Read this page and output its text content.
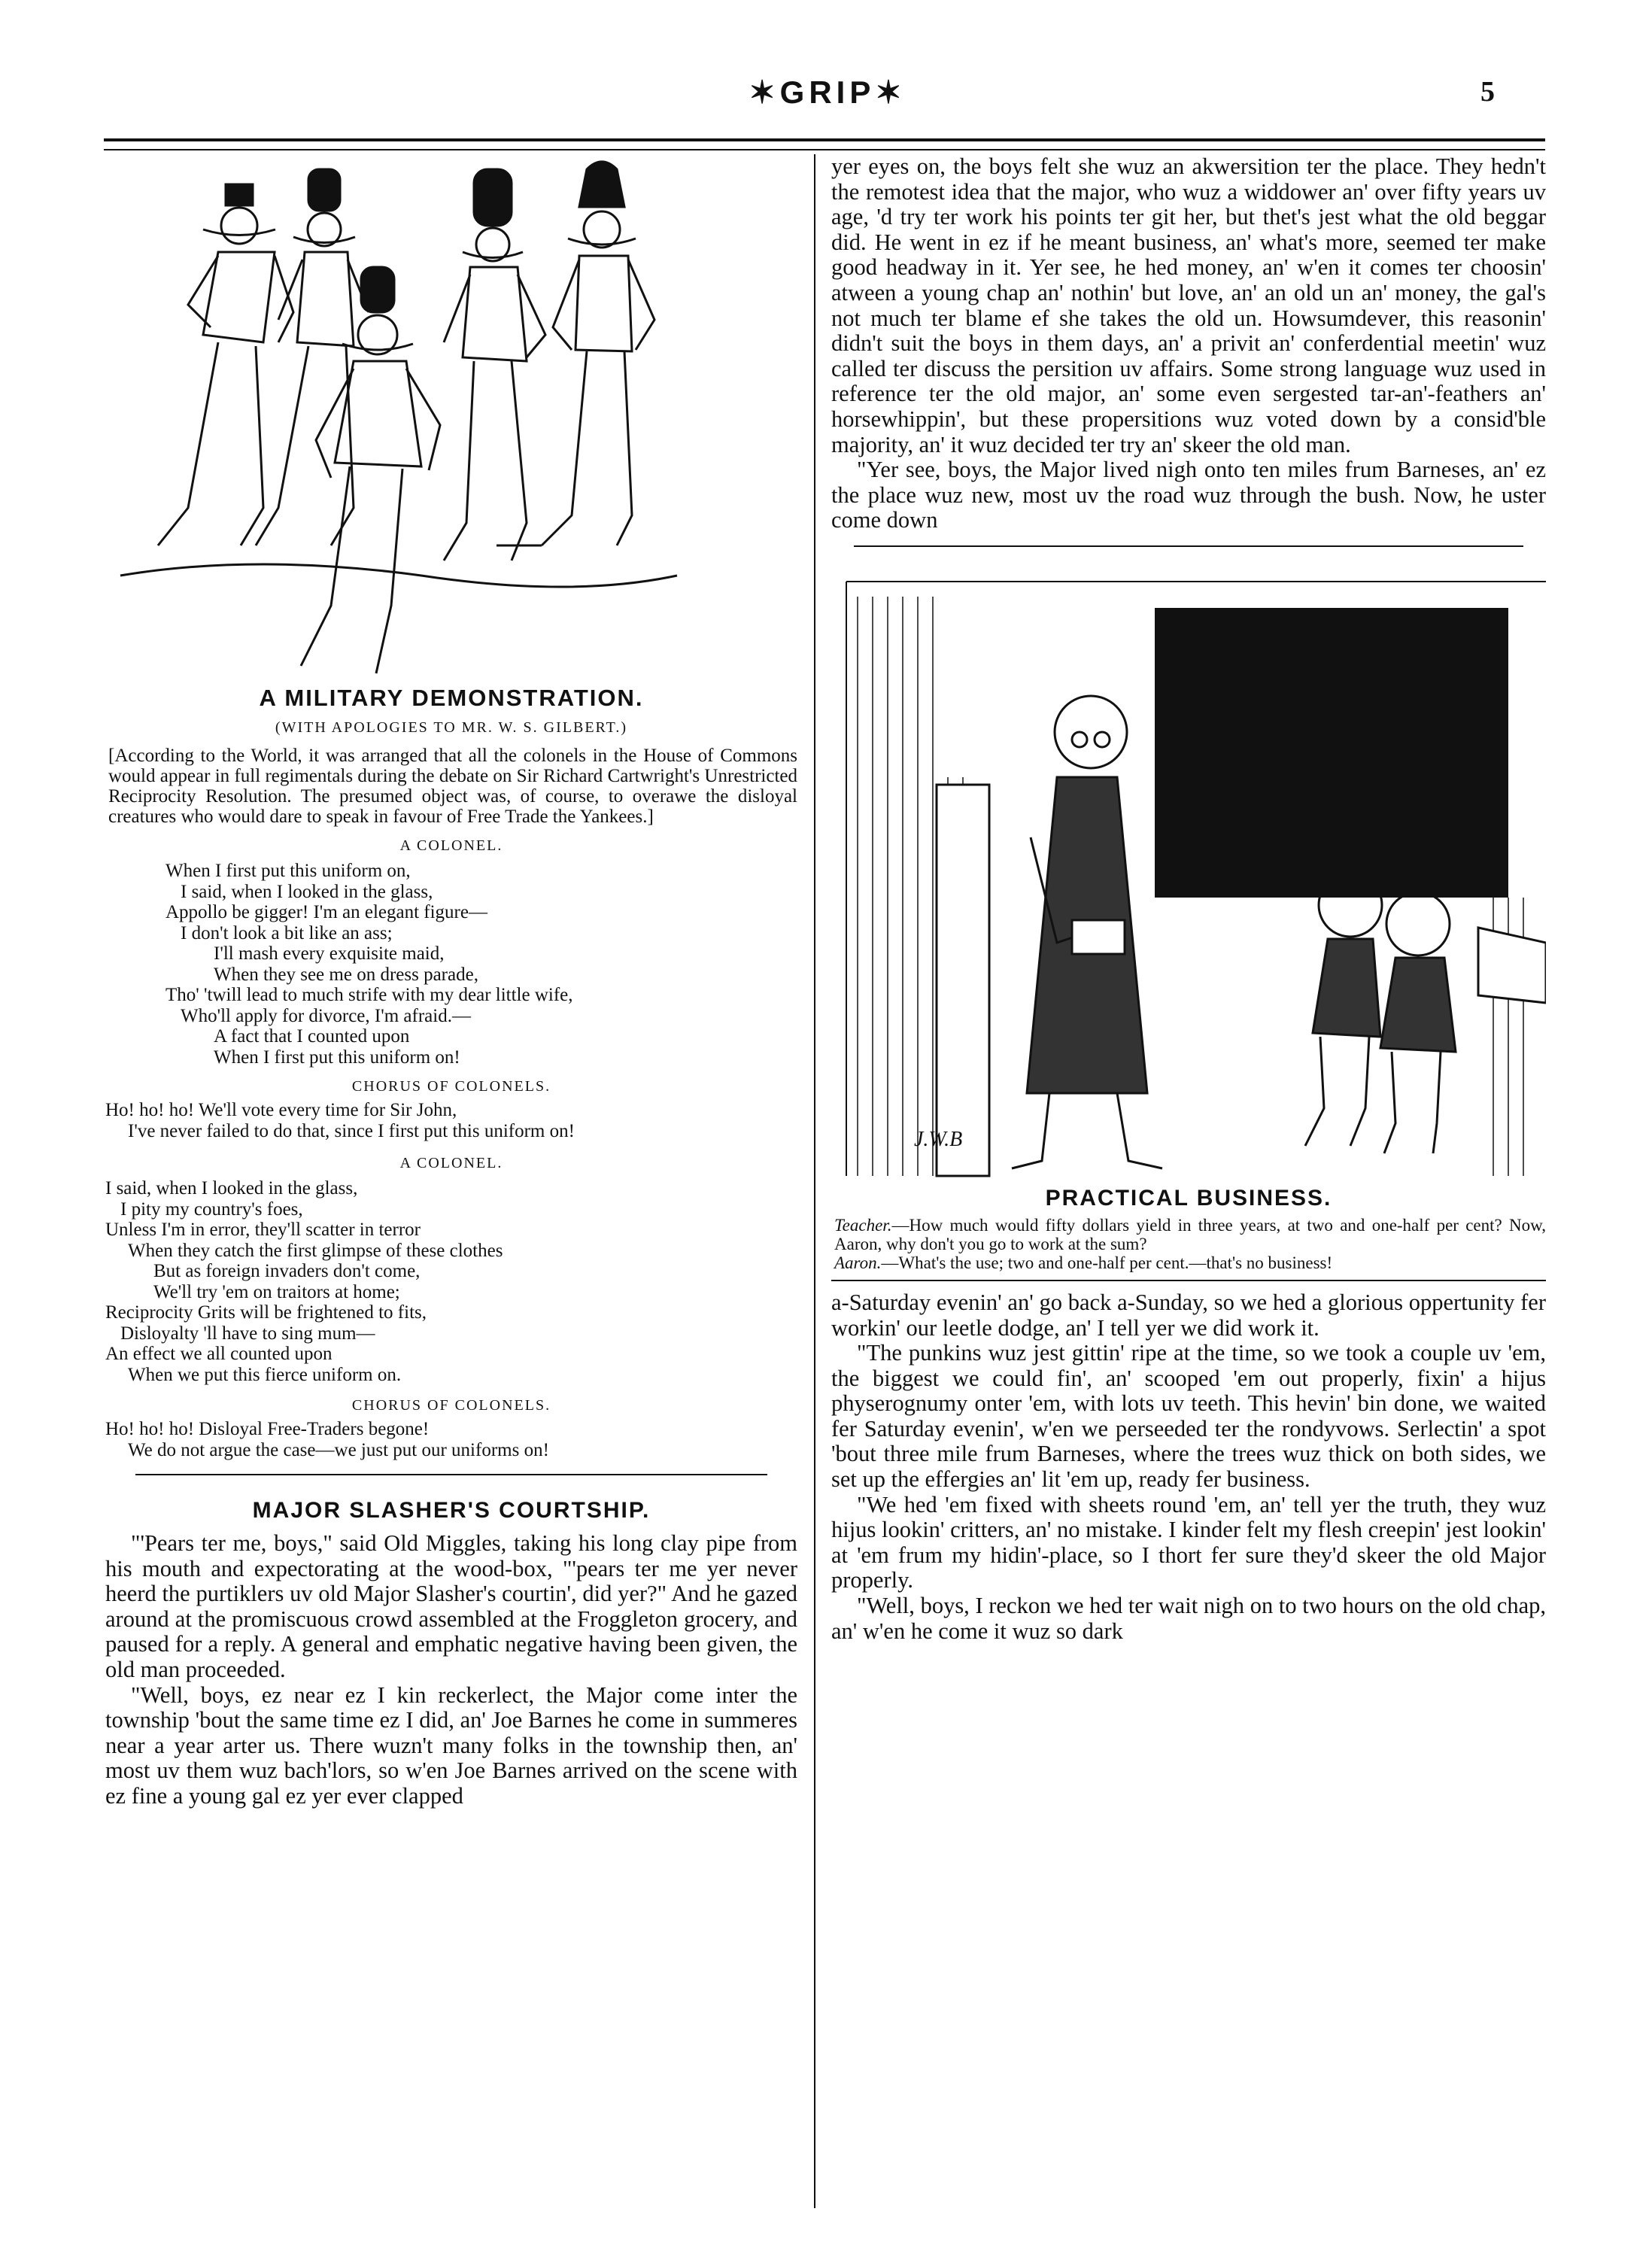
✶GRIP✶	5
A MILITARY DEMONSTRATION.
(WITH APOLOGIES TO MR. W. S. GILBERT.)

[According to the World, it was arranged that all the colonels in the House of Commons would appear in full regimentals during the debate on Sir Richard Cartwright's Unrestricted Reciprocity Resolution. The presumed object was, of course, to overawe the disloyal creatures who would dare to speak in favour of Free Trade the Yankees.]

A COLONEL.
When I first put this uniform on,
I said, when I looked in the glass,
Appollo be gigger! I'm an elegant figure—
I don't look a bit like an ass;
I'll mash every exquisite maid,
When they see me on dress parade,
Tho' 'twill lead to much strife with my dear little wife,
Who'll apply for divorce, I'm afraid.—
A fact that I counted upon
When I first put this uniform on!
CHORUS OF COLONELS.
Ho! ho! ho! We'll vote every time for Sir John,
I've never failed to do that, since I first put this uniform on!
A COLONEL.
I said, when I looked in the glass,
I pity my country's foes,
Unless I'm in error, they'll scatter in terror
When they catch the first glimpse of these clothes
But as foreign invaders don't come,
We'll try 'em on traitors at home;
Reciprocity Grits will be frightened to fits,
Disloyalty 'll have to sing mum—
An effect we all counted upon
When we put this fierce uniform on.
CHORUS OF COLONELS.
Ho! ho! ho! Disloyal Free-Traders begone!
We do not argue the case—we just put our uniforms on!
MAJOR SLASHER'S COURTSHIP.

"'Pears ter me, boys," said Old Miggles, taking his long clay pipe from his mouth and expectorating at the wood-box, "'pears ter me yer never heerd the purtiklers uv old Major Slasher's courtin', did yer?" And he gazed around at the promiscuous crowd assembled at the Froggleton grocery, and paused for a reply. A general and emphatic negative having been given, the old man proceeded.

"Well, boys, ez near ez I kin reckerlect, the Major come inter the township 'bout the same time ez I did, an' Joe Barnes he come in summeres near a year arter us. There wuzn't many folks in the township then, an' most uv them wuz bach'lors, so w'en Joe Barnes arrived on the scene with ez fine a young gal ez yer ever clapped

yer eyes on, the boys felt she wuz an akwersition ter the place. They hedn't the remotest idea that the major, who wuz a widdower an' over fifty years uv age, 'd try ter work his points ter git her, but thet's jest what the old beggar did. He went in ez if he meant business, an' what's more, seemed ter make good headway in it. Yer see, he hed money, an' w'en it comes ter choosin' atween a young chap an' nothin' but love, an' an old un an' money, the gal's not much ter blame ef she takes the old un. Howsumdever, this reasonin' didn't suit the boys in them days, an' a privit an' conferdential meetin' wuz called ter discuss the persition uv affairs. Some strong language wuz used in reference ter the old major, an' some even sergested tar-an'-feathers an' horsewhippin', but these propersitions wuz voted down by a consid'ble majority, an' it wuz decided ter try an' skeer the old man.

"Yer see, boys, the Major lived nigh onto ten miles frum Barneses, an' ez the place wuz new, most uv the road wuz through the bush. Now, he uster come down

J.W.B
PRACTICAL BUSINESS.

Teacher.—How much would fifty dollars yield in three years, at two and one-half per cent? Now, Aaron, why don't you go to work at the sum?

Aaron.—What's the use; two and one-half per cent.—that's no business!

a-Saturday evenin' an' go back a-Sunday, so we hed a glorious oppertunity fer workin' our leetle dodge, an' I tell yer we did work it.

"The punkins wuz jest gittin' ripe at the time, so we took a couple uv 'em, the biggest we could fin', an' scooped 'em out properly, fixin' a hijus physerognumy onter 'em, with lots uv teeth. This hevin' bin done, we waited fer Saturday evenin', w'en we perseeded ter the rondyvows. Serlectin' a spot 'bout three mile frum Barneses, where the trees wuz thick on both sides, we set up the effergies an' lit 'em up, ready fer business.

"We hed 'em fixed with sheets round 'em, an' tell yer the truth, they wuz hijus lookin' critters, an' no mistake. I kinder felt my flesh creepin' jest lookin' at 'em frum my hidin'-place, so I thort fer sure they'd skeer the old Major properly.

"Well, boys, I reckon we hed ter wait nigh on to two hours on the old chap, an' w'en he come it wuz so dark
